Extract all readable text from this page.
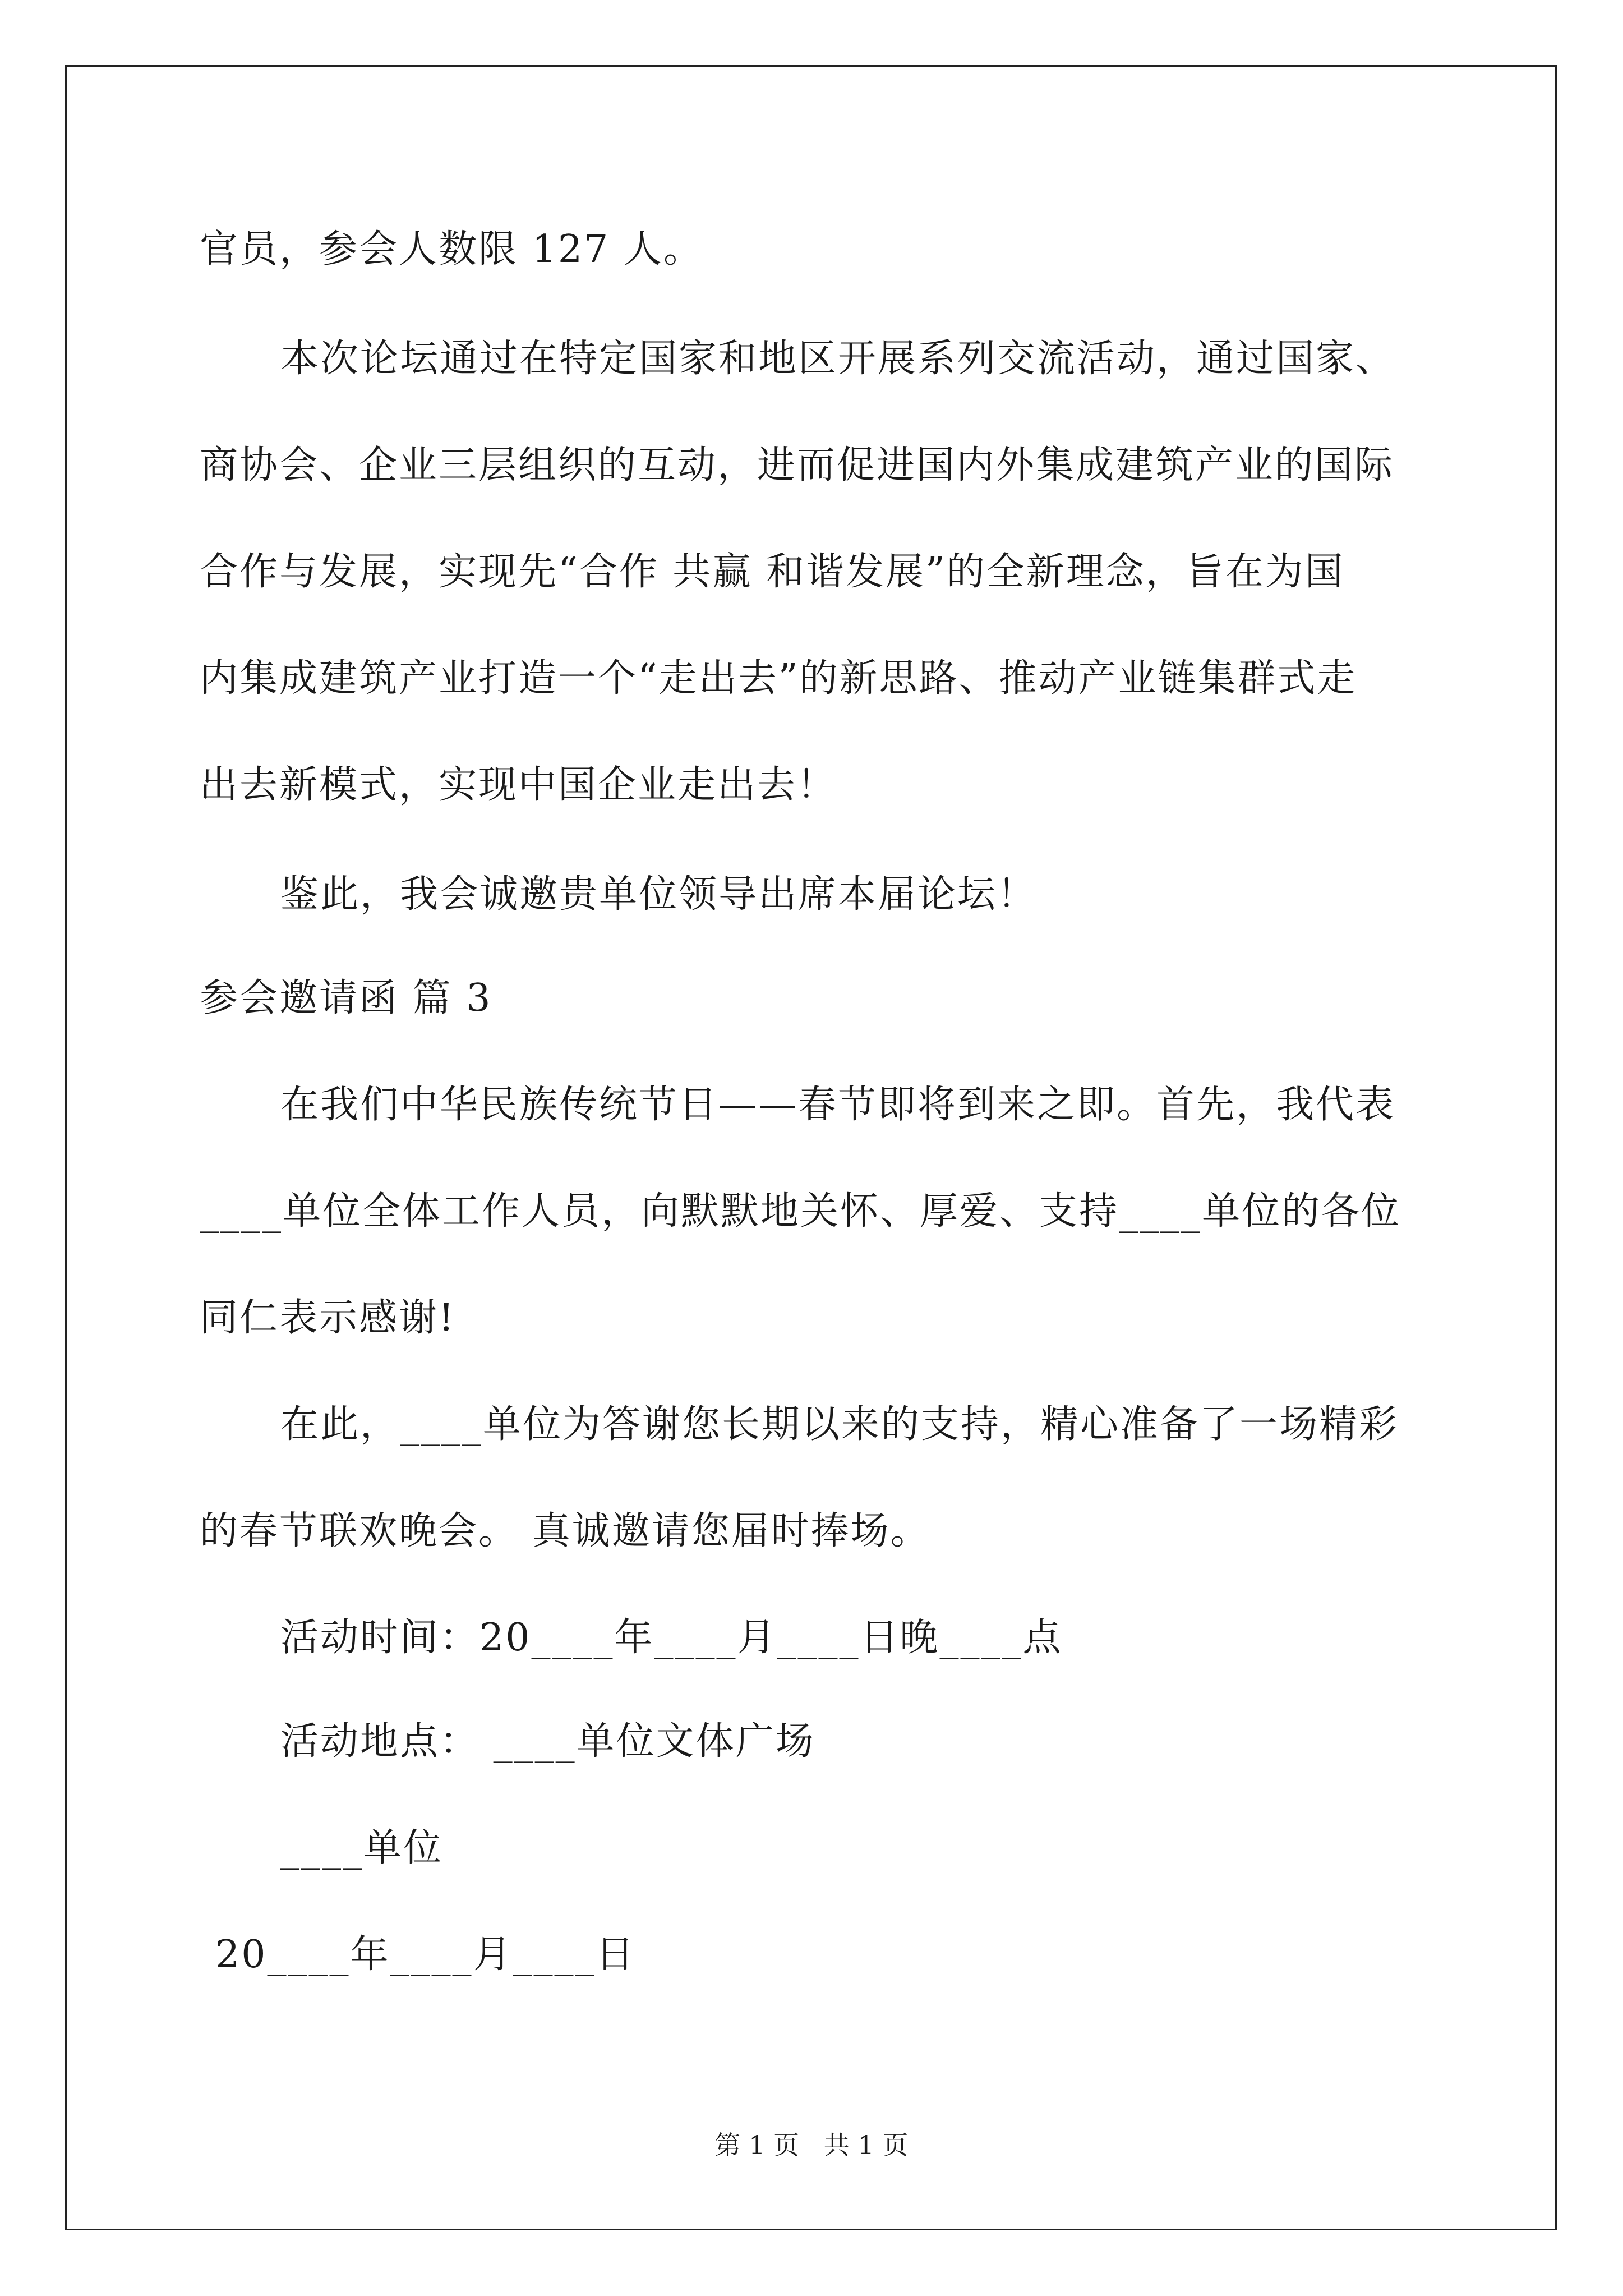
官员，参会人数限 127 人。
本次论坛通过在特定国家和地区开展系列交流活动，通过国家、
商协会、企业三层组织的互动，进而促进国内外集成建筑产业的国际
合作与发展，实现先“合作 共赢 和谐发展”的全新理念，旨在为国
内集成建筑产业打造一个“走出去”的新思路、推动产业链集群式走
出去新模式，实现中国企业走出去！
鉴此，我会诚邀贵单位领导出席本届论坛！
参会邀请函 篇 3
在我们中华民族传统节日——春节即将到来之即。首先，我代表
____单位全体工作人员，向默默地关怀、厚爱、支持____单位的各位
同仁表示感谢!
在此，____单位为答谢您长期以来的支持，精心准备了一场精彩
的春节联欢晚会。 真诚邀请您届时捧场。
活动时间：20____年____月____日晚____点
活动地点： ____单位文体广场
____单位
20____年____月____日
第 1 页   共 1 页
